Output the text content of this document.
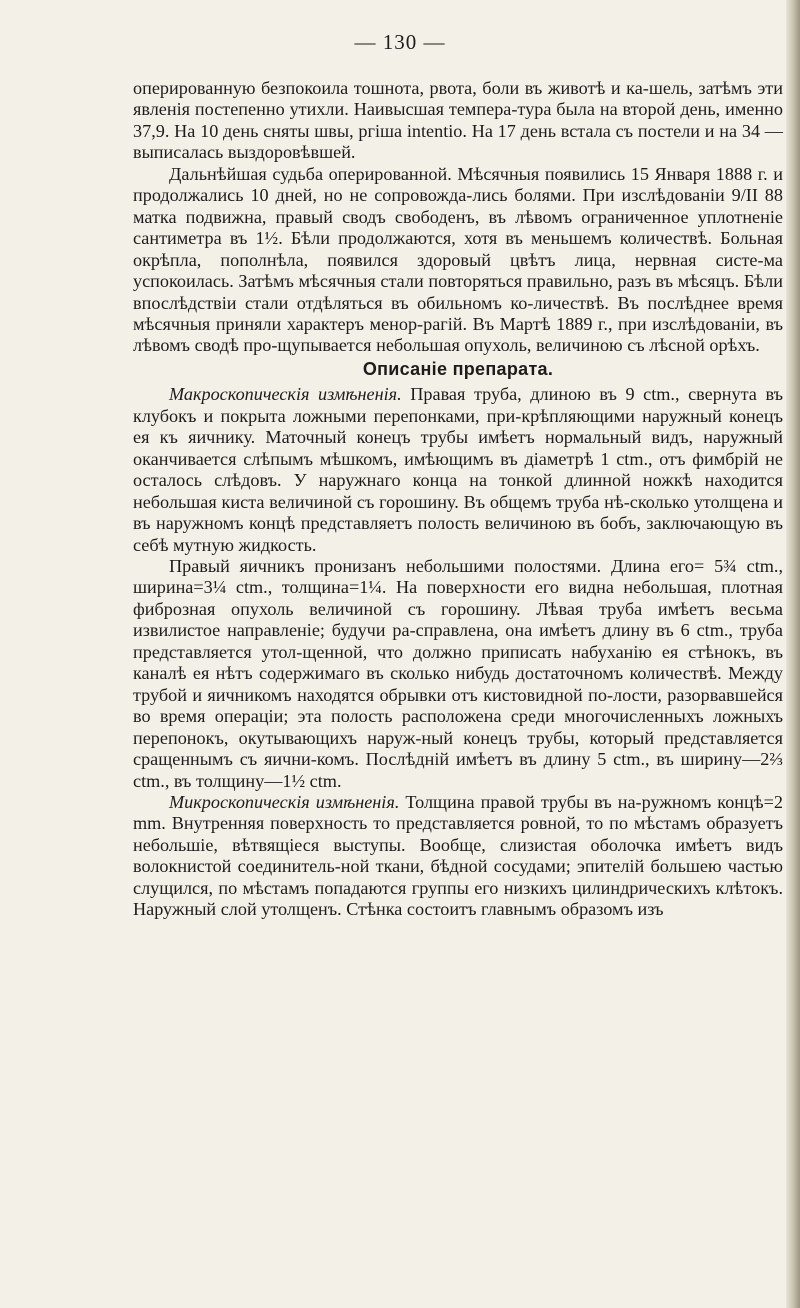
— 130 —

оперированную безпокоила тошнота, рвота, боли въ животѣ и ка-шель, затѣмъ эти явленія постепенно утихли. Наивысшая темпера-тура была на второй день, именно 37,9. На 10 день сняты швы, pгiша intentio. На 17 день встала съ постели и на 34 — выписалась выздоровѣвшей.

Дальнѣйшая судьба оперированной. Мѣсячныя появились 15 Января 1888 г. и продолжались 10 дней, но не сопровожда-лись болями. При изслѣдованіи 9/II 88 матка подвижна, правый сводъ свободенъ, въ лѣвомъ ограниченное уплотненіе сантиметра въ 1½. Бѣли продолжаются, хотя въ меньшемъ количествѣ. Больная окрѣпла, пополнѣла, появился здоровый цвѣтъ лица, нервная систе-ма успокоилась. Затѣмъ мѣсячныя стали повторяться правильно, разъ въ мѣсяцъ. Бѣли впослѣдствіи стали отдѣляться въ обильномъ ко-личествѣ. Въ послѣднее время мѣсячныя приняли характеръ менор-рагій. Въ Мартѣ 1889 г., при изслѣдованіи, въ лѣвомъ сводѣ про-щупывается небольшая опухоль, величиною съ лѣсной орѣхъ.

Описаніе препарата.

Макроскопическія измѣненія. Правая труба, длиною въ 9 ctm., свернута въ клубокъ и покрыта ложными перепонками, при-крѣпляющими наружный конецъ ея къ яичнику. Маточный конецъ трубы имѣетъ нормальный видъ, наружный оканчивается слѣпымъ мѣшкомъ, имѣющимъ въ діаметрѣ 1 ctm., отъ фимбрій не осталось слѣдовъ. У наружнаго конца на тонкой длинной ножкѣ находится небольшая киста величиной съ горошину. Въ общемъ труба нѣ-сколько утолщена и въ наружномъ концѣ представляетъ полость величиною въ бобъ, заключающую въ себѣ мутную жидкость.

Правый яичникъ пронизанъ небольшими полостями. Длина его= 5¾ ctm., ширина=3¼ ctm., толщина=1¼. На поверхности его видна небольшая, плотная фиброзная опухоль величиной съ горошину. Лѣвая труба имѣетъ весьма извилистое направленіе; будучи ра-справлена, она имѣетъ длину въ 6 ctm., труба представляется утол-щенной, что должно приписать набуханію ея стѣнокъ, въ каналѣ ея нѣтъ содержимаго въ сколько нибудь достаточномъ количествѣ. Между трубой и яичникомъ находятся обрывки отъ кистовидной по-лости, разорвавшейся во время операціи; эта полость расположена среди многочисленныхъ ложныхъ перепонокъ, окутывающихъ наруж-ный конецъ трубы, который представляется сращеннымъ съ яични-комъ. Послѣдній имѣетъ въ длину 5 ctm., въ ширину—2⅔ ctm., въ толщину—1½ ctm.

Микроскопическія измѣненія. Толщина правой трубы въ на-ружномъ концѣ=2 mm. Внутренняя поверхность то представляется ровной, то по мѣстамъ образуетъ небольшіе, вѣтвящіеся выступы. Вообще, слизистая оболочка имѣетъ видъ волокнистой соединитель-ной ткани, бѣдной сосудами; эпителій большею частью слущился, по мѣстамъ попадаются группы его низкихъ цилиндрическихъ клѣтокъ. Наружный слой утолщенъ. Стѣнка состоитъ главнымъ образомъ изъ
